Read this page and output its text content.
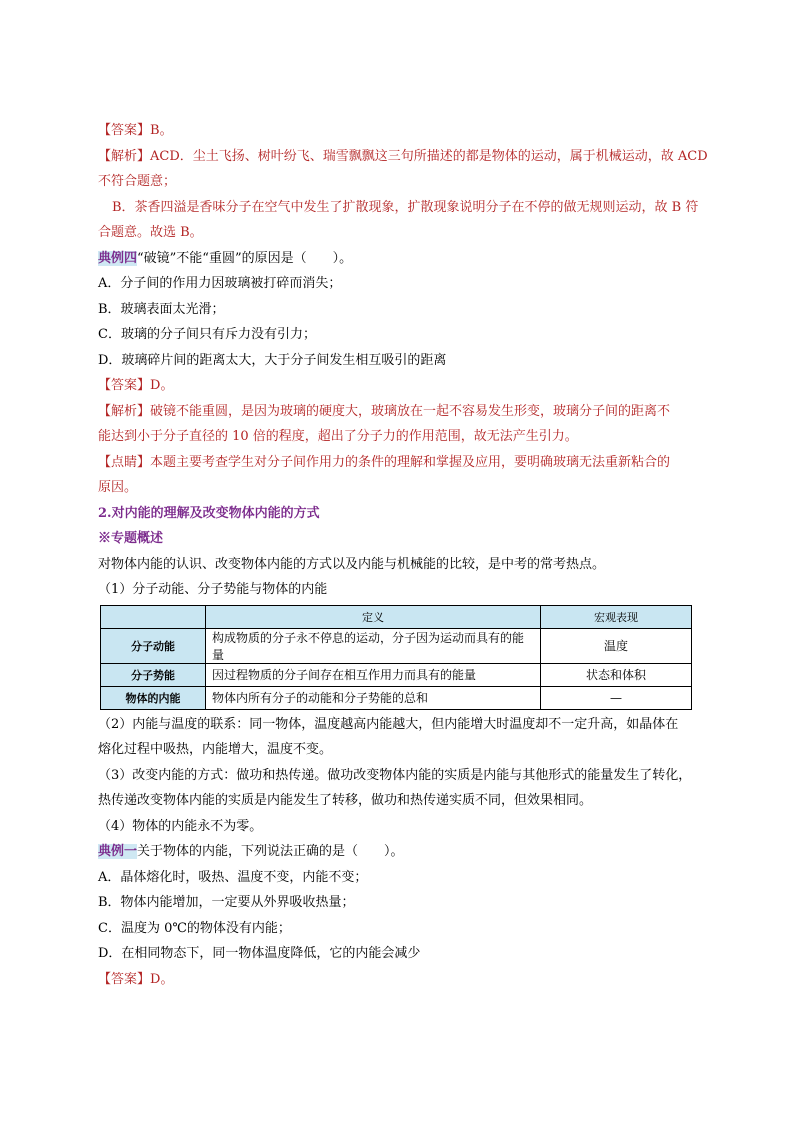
【答案】B。
【解析】ACD．尘土飞扬、树叶纷飞、瑞雪飘飘这三句所描述的都是物体的运动，属于机械运动，故 ACD
不符合题意；
B．茶香四溢是香味分子在空气中发生了扩散现象，扩散现象说明分子在不停的做无规则运动，故 B 符
合题意。故选 B。
典例四“破镜”不能“重圆”的原因是（　　）。
A．分子间的作用力因玻璃被打碎而消失；
B．玻璃表面太光滑；
C．玻璃的分子间只有斥力没有引力；
D．玻璃碎片间的距离太大，大于分子间发生相互吸引的距离
【答案】D。
【解析】破镜不能重圆，是因为玻璃的硬度大，玻璃放在一起不容易发生形变，玻璃分子间的距离不
能达到小于分子直径的 10 倍的程度，超出了分子力的作用范围，故无法产生引力。
【点睛】本题主要考查学生对分子间作用力的条件的理解和掌握及应用，要明确玻璃无法重新粘合的
原因。
2.对内能的理解及改变物体内能的方式
※专题概述
对物体内能的认识、改变物体内能的方式以及内能与机械能的比较，是中考的常考热点。
（1）分子动能、分子势能与物体的内能
	定义	宏观表现
分子动能	构成物质的分子永不停息的运动，分子因为运动而具有的能量	温度
分子势能	因过程物质的分子间存在相互作用力而具有的能量	状态和体积
物体的内能	物体内所有分子的动能和分子势能的总和	—
（2）内能与温度的联系：同一物体，温度越高内能越大，但内能增大时温度却不一定升高，如晶体在
熔化过程中吸热，内能增大，温度不变。
（3）改变内能的方式：做功和热传递。做功改变物体内能的实质是内能与其他形式的能量发生了转化，
热传递改变物体内能的实质是内能发生了转移，做功和热传递实质不同，但效果相同。
（4）物体的内能永不为零。
典例一关于物体的内能，下列说法正确的是（　　）。
A．晶体熔化时，吸热、温度不变，内能不变；
B．物体内能增加，一定要从外界吸收热量；
C．温度为 0℃的物体没有内能；
D．在相同物态下，同一物体温度降低，它的内能会减少
【答案】D。
